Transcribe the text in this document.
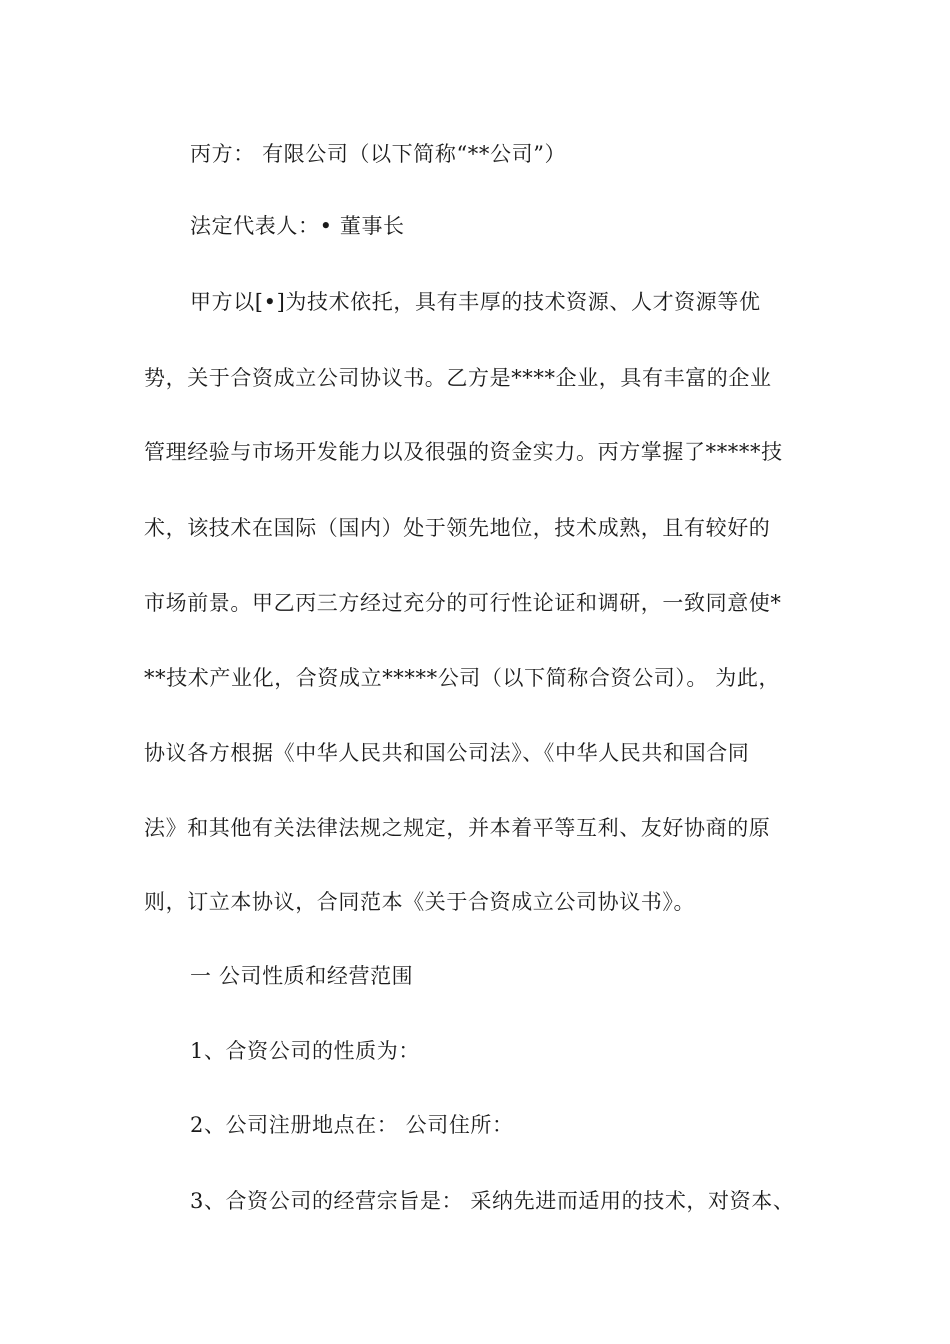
丙方： 有限公司（以下简称“**公司”）
法定代表人：• 董事长
甲方以[•]为技术依托，具有丰厚的技术资源、人才资源等优
势，关于合资成立公司协议书。乙方是****企业，具有丰富的企业
管理经验与市场开发能力以及很强的资金实力。丙方掌握了*****技
术，该技术在国际（国内）处于领先地位，技术成熟，且有较好的
市场前景。甲乙丙三方经过充分的可行性论证和调研，一致同意使*
**技术产业化，合资成立*****公司（以下简称合资公司）。 为此，
协议各方根据《中华人民共和国公司法》、《中华人民共和国合同
法》和其他有关法律法规之规定，并本着平等互利、友好协商的原
则，订立本协议，合同范本《关于合资成立公司协议书》。
一 公司性质和经营范围
1、合资公司的性质为：
2、公司注册地点在： 公司住所：
3、合资公司的经营宗旨是： 采纳先进而适用的技术，对资本、
